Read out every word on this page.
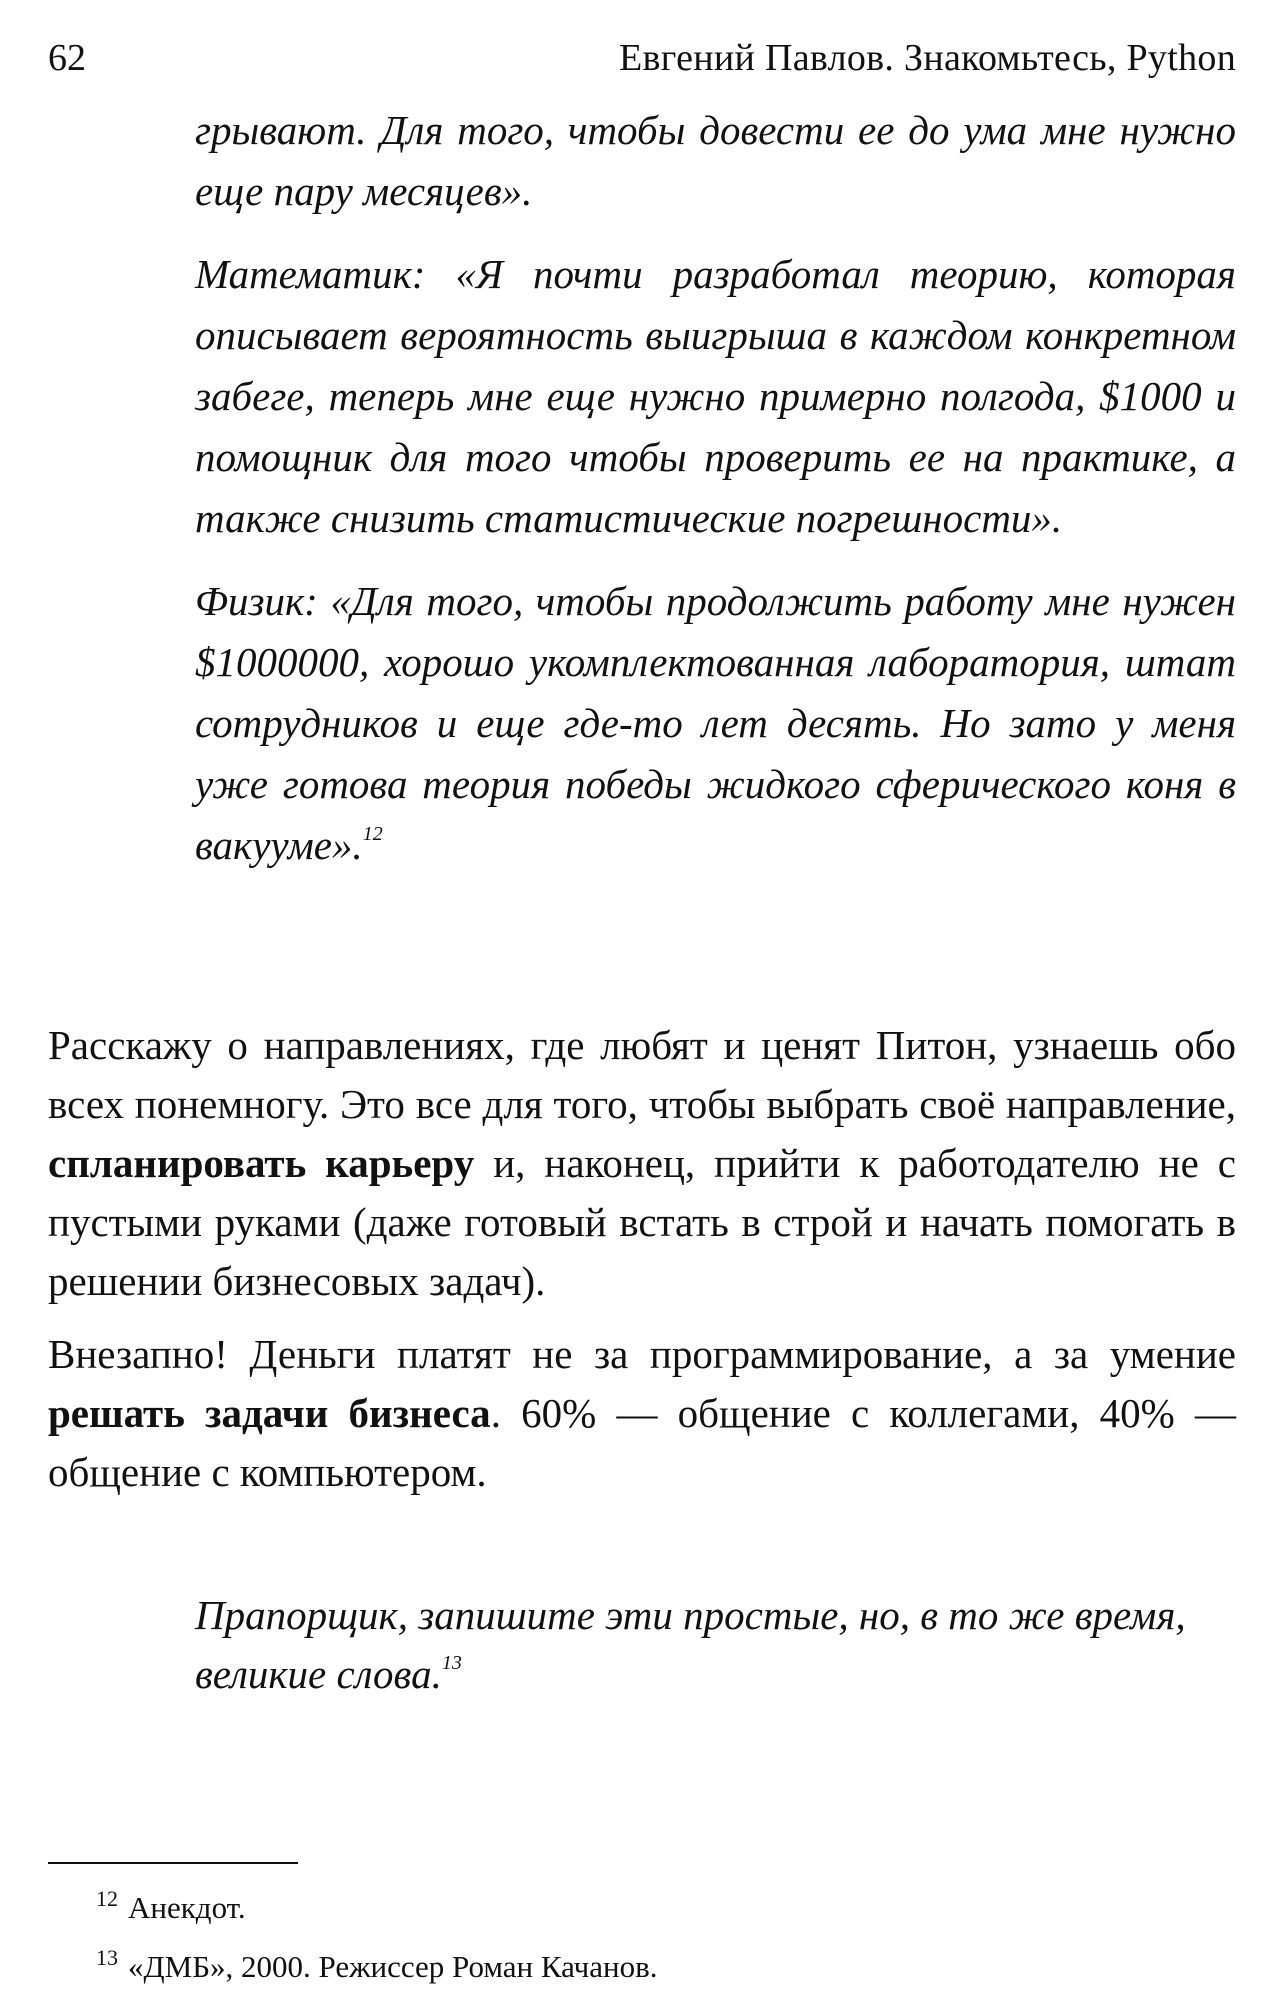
62	Евгений Павлов. Знакомьтесь, Python

грывают. Для того, чтобы довести ее до ума мне нужно еще пару месяцев».

Математик: «Я почти разработал теорию, которая описывает вероятность выигрыша в каждом конкретном забеге, теперь мне еще нужно примерно полгода, $1000 и помощник для того чтобы проверить ее на практике, а также снизить статистические погрешности».

Физик: «Для того, чтобы продолжить работу мне нужен $1000000, хорошо укомплектованная лаборатория, штат сотрудников и еще где-то лет десять. Но зато у меня уже готова теория победы жидкого сферического коня в вакууме».$^{12}$

Расскажу о направлениях, где любят и ценят Питон, узнаешь обо всех понемногу. Это все для того, чтобы выбрать своё направление, спланировать карьеру и, наконец, прийти к работодателю не с пустыми руками (даже готовый встать в строй и начать помогать в решении бизнесовых задач).

Внезапно! Деньги платят не за программирование, а за умение решать задачи бизнеса. 60% — общение с коллегами, 40% — общение с компьютером.

Прапорщик, запишите эти простые, но, в то же время, великие слова.$^{13}$

$^{12}$ Анекдот.

$^{13}$ «ДМБ», 2000. Режиссер Роман Качанов.
